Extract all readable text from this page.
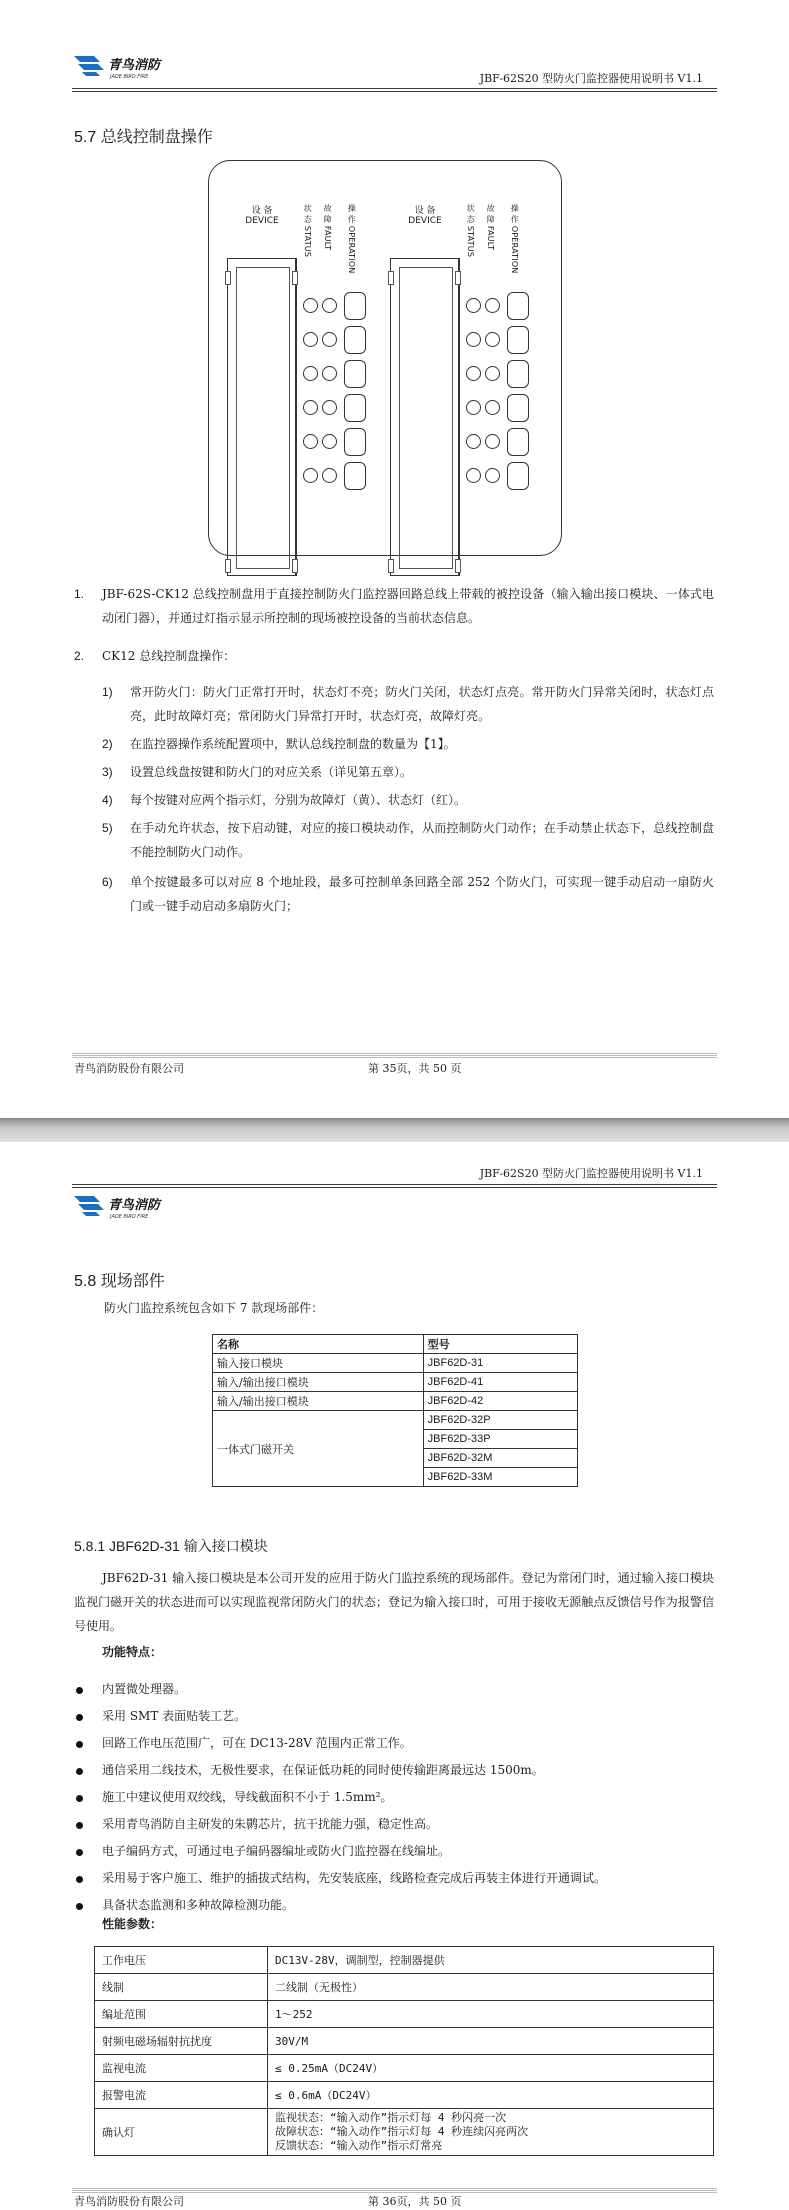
青鸟消防
JADE BIRD FIRE	JBF-62S20 型防火门监控器使用说明书 V1.1
5.7 总线控制盘操作
设 备
DEVICE	状 态 STATUS
故 障 FAULT
操 作 OPERATION
设 备
DEVICE	状 态 STATUS
故 障 FAULT
操 作 OPERATION
1. JBF-62S-CK12 总线控制盘用于直接控制防火门监控器回路总线上带载的被控设备（输入输出接口模块、一体式电动闭门器），并通过灯指示显示所控制的现场被控设备的当前状态信息。
2. CK12 总线控制盘操作：
1) 常开防火门：防火门正常打开时，状态灯不亮；防火门关闭，状态灯点亮。常开防火门异常关闭时，状态灯点亮，此时故障灯亮；常闭防火门异常打开时，状态灯亮，故障灯亮。
2) 在监控器操作系统配置项中，默认总线控制盘的数量为【1】。
3) 设置总线盘按键和防火门的对应关系（详见第五章）。
4) 每个按键对应两个指示灯，分别为故障灯（黄）、状态灯（红）。
5) 在手动允许状态，按下启动键，对应的接口模块动作，从而控制防火门动作；在手动禁止状态下，总线控制盘不能控制防火门动作。
6) 单个按键最多可以对应 8 个地址段，最多可控制单条回路全部 252 个防火门，可实现一键手动启动一扇防火门或一键手动启动多扇防火门；
青鸟消防股份有限公司	第 35页，共 50 页
青鸟消防
JADE BIRD FIRE
JBF-62S20 型防火门监控器使用说明书 V1.1
5.8 现场部件
防火门监控系统包含如下 7 款现场部件：
名称	型号
输入接口模块	JBF62D-31
输入/输出接口模块	JBF62D-41
输入/输出接口模块	JBF62D-42
一体式门磁开关	JBF62D-32P
	JBF62D-33P
	JBF62D-32M
	JBF62D-33M
5.8.1 JBF62D-31 输入接口模块
JBF62D-31 输入接口模块是本公司开发的应用于防火门监控系统的现场部件。登记为常闭门时，通过输入接口模块监视门磁开关的状态进而可以实现监视常闭防火门的状态；登记为输入接口时，可用于接收无源触点反馈信号作为报警信号使用。
功能特点：
内置微处理器。
采用 SMT 表面贴装工艺。
回路工作电压范围广，可在 DC13-28V 范围内正常工作。
通信采用二线技术，无极性要求，在保证低功耗的同时使传输距离最远达 1500m。
施工中建议使用双绞线，导线截面积不小于 1.5mm²。
采用青鸟消防自主研发的朱鹮芯片，抗干扰能力强，稳定性高。
电子编码方式，可通过电子编码器编址或防火门监控器在线编址。
采用易于客户施工、维护的插拔式结构，先安装底座，线路检查完成后再装主体进行开通调试。
具备状态监测和多种故障检测功能。
性能参数：
工作电压	DC13V-28V，调制型，控制器提供
线制	二线制（无极性）
编址范围	1～252
射频电磁场辐射抗扰度	30V/M
监视电流	≤ 0.25mA（DC24V）
报警电流	≤ 0.6mA（DC24V）
确认灯	监视状态：“输入动作”指示灯每 4 秒闪亮一次
故障状态：“输入动作”指示灯每 4 秒连续闪亮两次
反馈状态：“输入动作”指示灯常亮
青鸟消防股份有限公司	第 36页，共 50 页
